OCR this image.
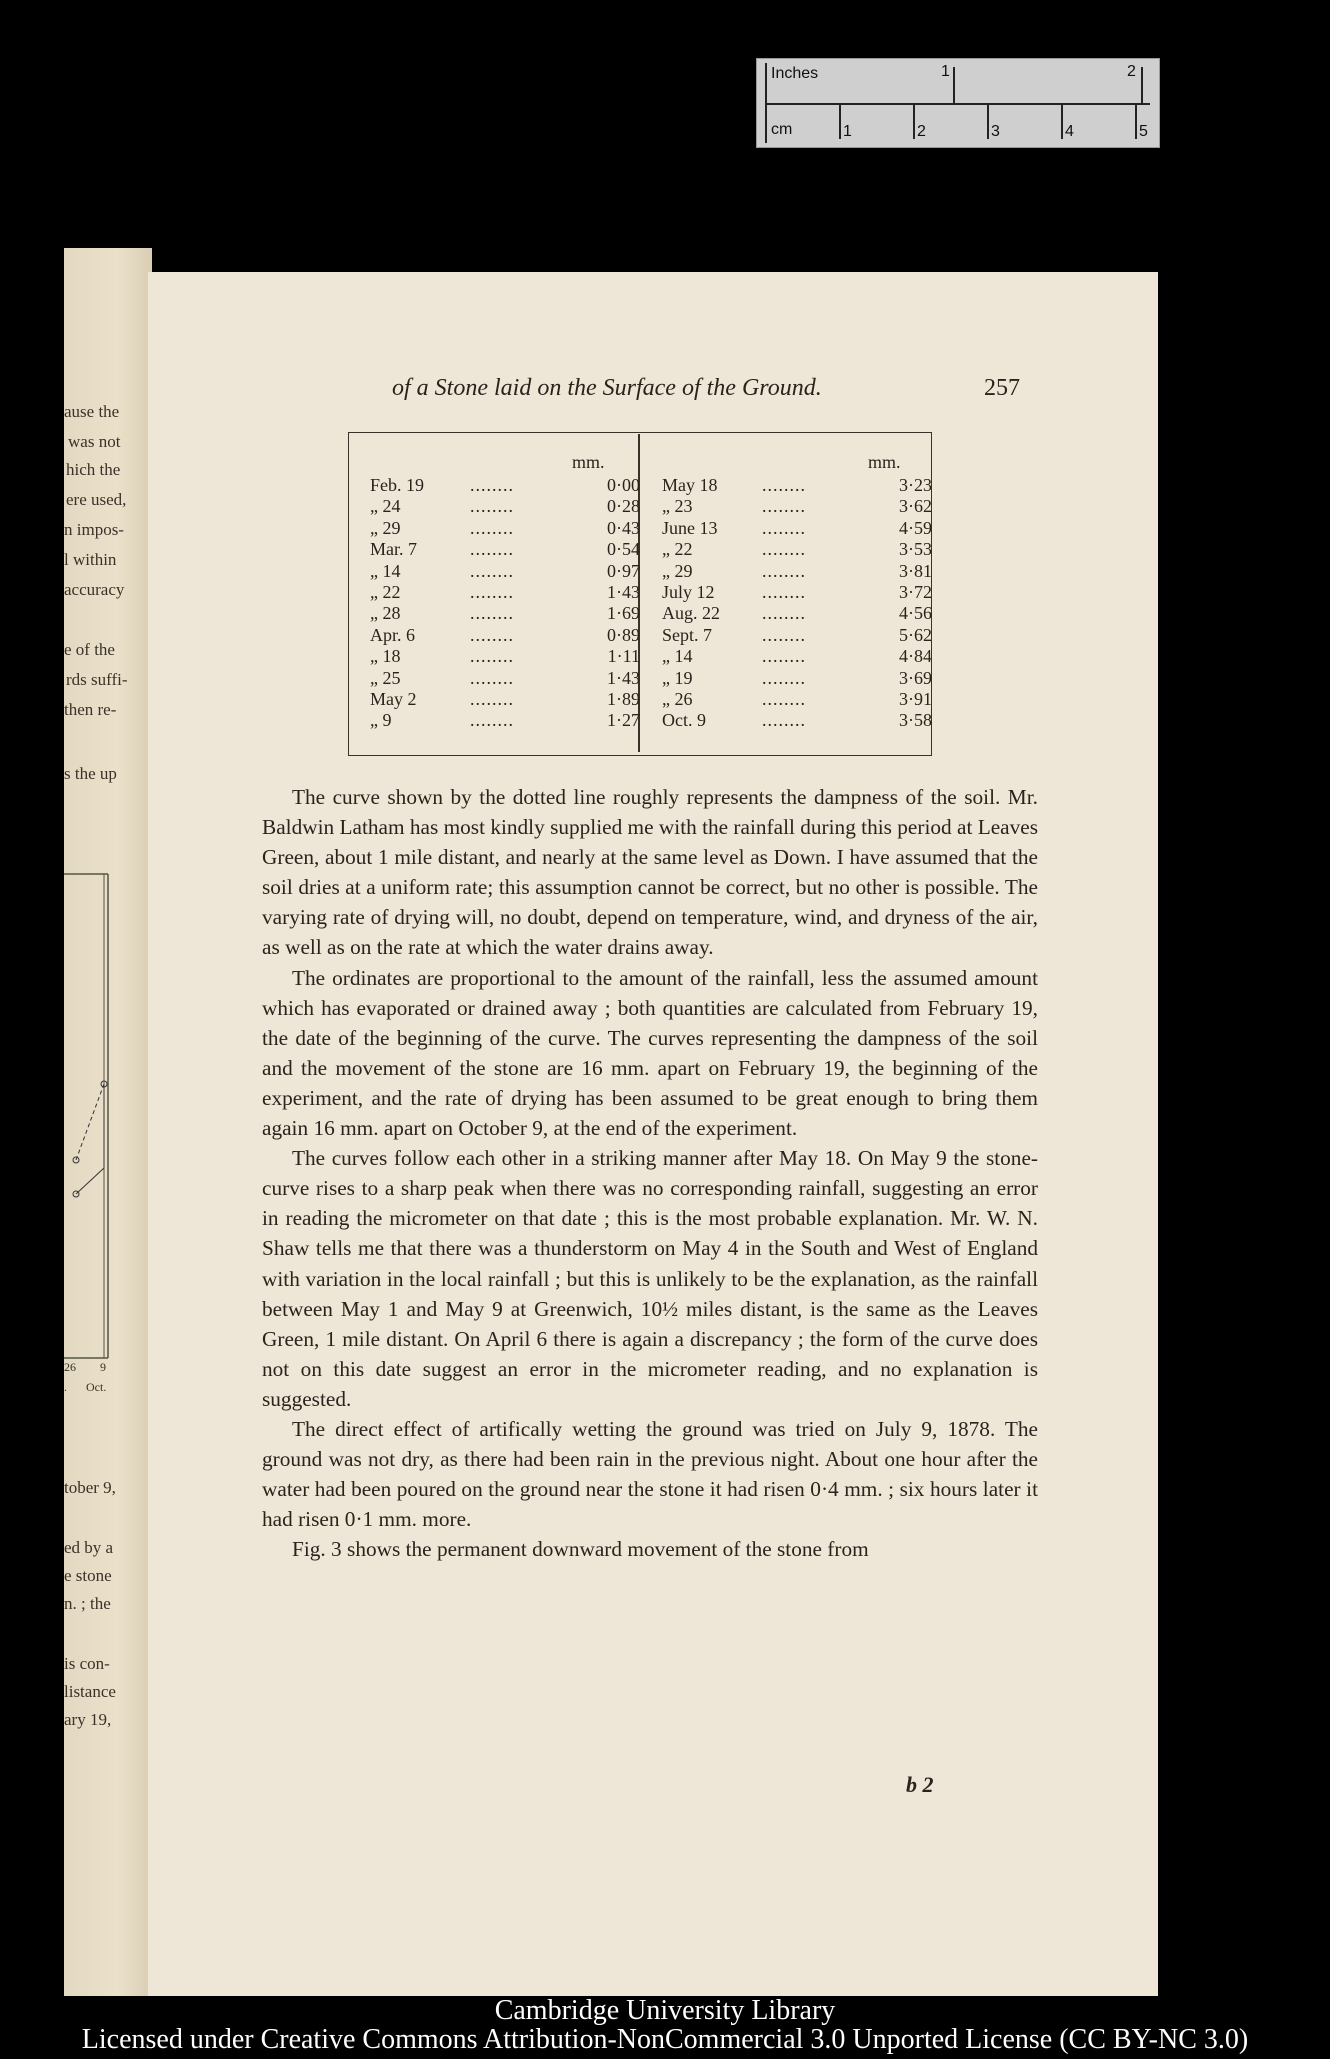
Inches
cm
1	2
1	2	3	4	5
ause the
was not
hich the
ere used,
n impos-
l within
accuracy
e of the
rds suffi-
then re-
s the up
26 9
. Oct.
tober 9,
ed by a
e stone
n. ; the
is con-
listance
ary 19,
of a Stone laid on the Surface of the Ground.	257
mm.	mm.
Feb. 19	........	0·00
„ 24	........	0·28
„ 29	........	0·43
Mar. 7	........	0·54
„ 14	........	0·97
„ 22	........	1·43
„ 28	........	1·69
Apr. 6	........	0·89
„ 18	........	1·11
„ 25	........	1·43
May 2	........	1·89
„ 9	........	1·27
May 18	........	3·23
„ 23	........	3·62
June 13	........	4·59
„ 22	........	3·53
„ 29	........	3·81
July 12	........	3·72
Aug. 22	........	4·56
Sept. 7	........	5·62
„ 14	........	4·84
„ 19	........	3·69
„ 26	........	3·91
Oct. 9	........	3·58

The curve shown by the dotted line roughly represents the dampness of the soil. Mr. Baldwin Latham has most kindly supplied me with the rainfall during this period at Leaves Green, about 1 mile distant, and nearly at the same level as Down. I have assumed that the soil dries at a uniform rate; this assumption cannot be correct, but no other is possible. The varying rate of drying will, no doubt, depend on temperature, wind, and dryness of the air, as well as on the rate at which the water drains away.

The ordinates are proportional to the amount of the rainfall, less the assumed amount which has evaporated or drained away ; both quantities are calculated from February 19, the date of the beginning of the curve. The curves representing the dampness of the soil and the movement of the stone are 16 mm. apart on February 19, the beginning of the experiment, and the rate of drying has been assumed to be great enough to bring them again 16 mm. apart on October 9, at the end of the experiment.

The curves follow each other in a striking manner after May 18. On May 9 the stone-curve rises to a sharp peak when there was no corresponding rainfall, suggesting an error in reading the micrometer on that date ; this is the most probable explanation. Mr. W. N. Shaw tells me that there was a thunderstorm on May 4 in the South and West of England with variation in the local rainfall ; but this is unlikely to be the explanation, as the rainfall between May 1 and May 9 at Greenwich, 10½ miles distant, is the same as the Leaves Green, 1 mile distant. On April 6 there is again a discrepancy ; the form of the curve does not on this date suggest an error in the micrometer reading, and no explanation is suggested.

The direct effect of artifically wetting the ground was tried on July 9, 1878. The ground was not dry, as there had been rain in the previous night. About one hour after the water had been poured on the ground near the stone it had risen 0·4 mm. ; six hours later it had risen 0·1 mm. more.

Fig. 3 shows the permanent downward movement of the stone from

b 2
Cambridge University Library
Licensed under Creative Commons Attribution-NonCommercial 3.0 Unported License (CC BY-NC 3.0)
